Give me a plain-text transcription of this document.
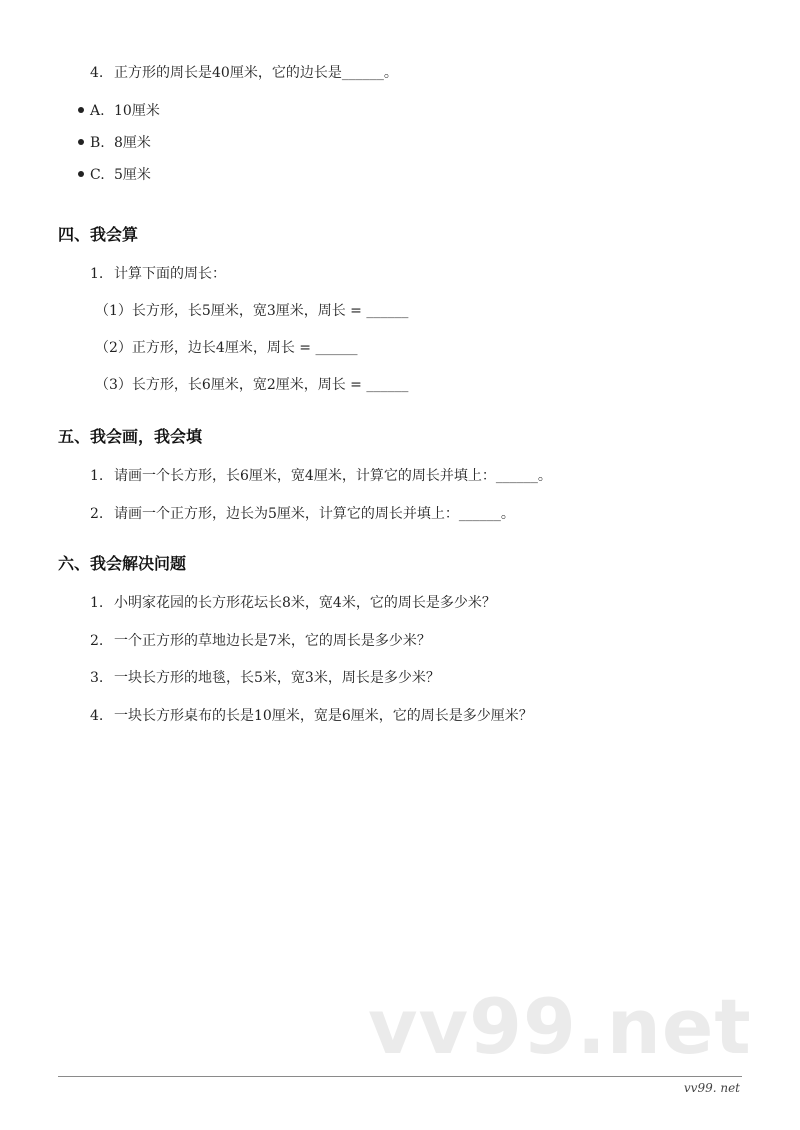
4. 正方形的周长是40厘米，它的边长是______。
A. 10厘米
B. 8厘米
C. 5厘米
四、我会算
1. 计算下面的周长：
（1）长方形，长5厘米，宽3厘米，周长 = ______
（2）正方形，边长4厘米，周长 = ______
（3）长方形，长6厘米，宽2厘米，周长 = ______
五、我会画，我会填
1. 请画一个长方形，长6厘米，宽4厘米，计算它的周长并填上：______。
2. 请画一个正方形，边长为5厘米，计算它的周长并填上：______。
六、我会解决问题
1. 小明家花园的长方形花坛长8米，宽4米，它的周长是多少米？
2. 一个正方形的草地边长是7米，它的周长是多少米？
3. 一块长方形的地毯，长5米，宽3米，周长是多少米？
4. 一块长方形桌布的长是10厘米，宽是6厘米，它的周长是多少厘米？
vv99.net
vv99. net
